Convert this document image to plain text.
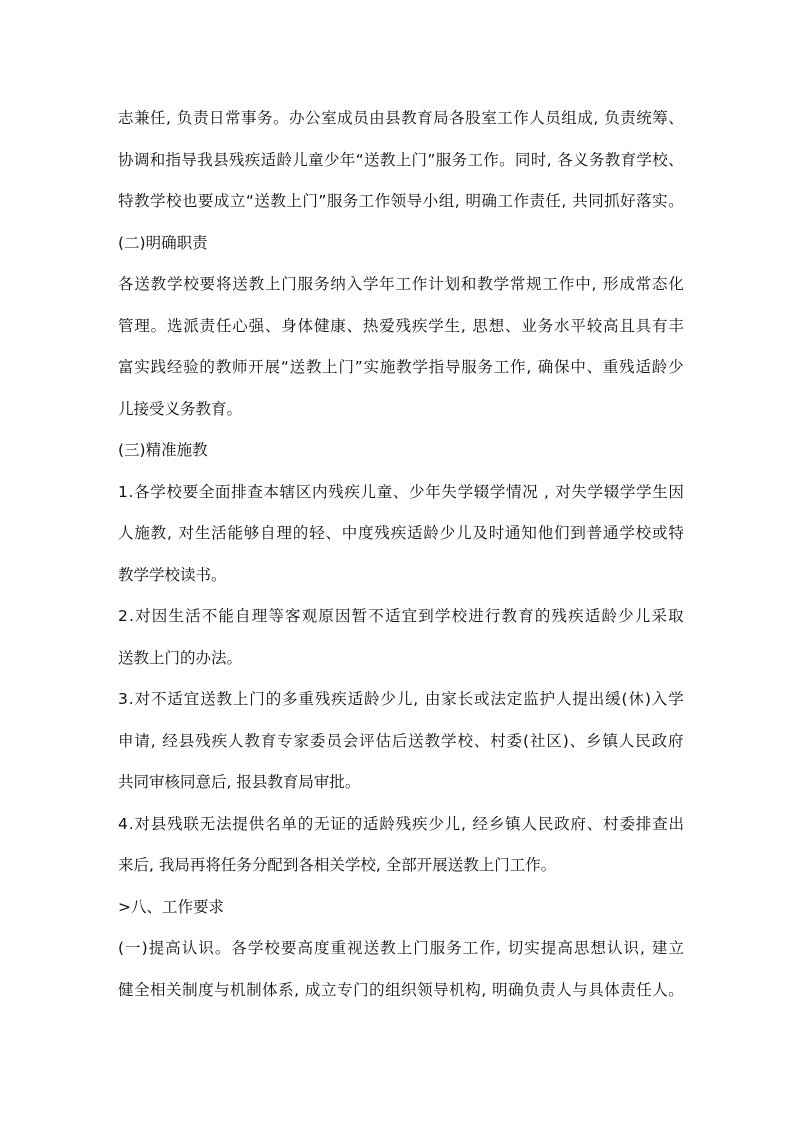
志 兼 任 ,
负 责 日 常 事 务 。 办 公 室 成 员 由 县 教 育 局 各 股 室 工 作 人 员 组 成 ,
负 责 统 筹 、
协 调 和 指 导 我 县 残 疾 适 龄 儿 童 少 年 “ 送 教 上 门 ” 服 务 工 作 。 同 时 ,
各 义 务 教 育 学 校 、
特 教 学 校 也 要 成 立 “ 送 教 上 门 ” 服 务 工 作 领 导 小 组 ,
明 确 工 作 责 任 ,
共 同 抓 好 落 实 。
(二)明确职责
各 送 教 学 校 要 将 送 教 上 门 服 务 纳 入 学 年 工 作 计 划 和 教 学 常 规 工 作 中 ,
形 成 常 态 化
管 理 。 选 派 责 任 心 强 、 身 体 健 康 、 热 爱 残 疾 学 生 ,
思 想 、 业 务 水 平 较 高 且 具 有 丰
富 实 践 经 验 的 教 师 开 展 “ 送 教 上 门 ” 实 施 教 学 指 导 服 务 工 作 ,
确 保 中 、 重 残 适 龄 少
儿接受义务教育。
(三)精准施教
1 . 各 学 校 要 全 面 排 查 本 辖 区 内 残 疾 儿 童 、 少 年 失 学 辍 学 情 况
,
对 失 学 辍 学 学 生 因
人 施 教 ,
对 生 活 能 够 自 理 的 轻 、 中 度 残 疾 适 龄 少 儿 及 时 通 知 他 们 到 普 通 学 校 或 特
教学学校读书。
2 . 对 因 生 活 不 能 自 理 等 客 观 原 因 暂 不 适 宜 到 学 校 进 行 教 育 的 残 疾 适 龄 少 儿 采 取
送教上门的办法。
3 . 对 不 适 宜 送 教 上 门 的 多 重 残 疾 适 龄 少 儿 ,
由 家 长 或 法 定 监 护 人 提 出 缓 ( 休 ) 入 学
申 请 ,
经 县 残 疾 人 教 育 专 家 委 员 会 评 估 后 送 教 学 校 、 村 委 ( 社 区 ) 、 乡 镇 人 民 政 府
共同审核同意后, 报县教育局审批。
4 . 对 县 残 联 无 法 提 供 名 单 的 无 证 的 适 龄 残 疾 少 儿 ,
经 乡 镇 人 民 政 府 、 村 委 排 查 出
来后, 我局再将任务分配到各相关学校, 全部开展送教上门工作。
>八、工作要求
( 一 ) 提 高 认 识 。 各 学 校 要 高 度 重 视 送 教 上 门 服 务 工 作 ,
切 实 提 高 思 想 认 识 ,
建 立
健 全 相 关 制 度 与 机 制 体 系 ,
成 立 专 门 的 组 织 领 导 机 构 ,
明 确 负 责 人 与 具 体 责 任 人 。
